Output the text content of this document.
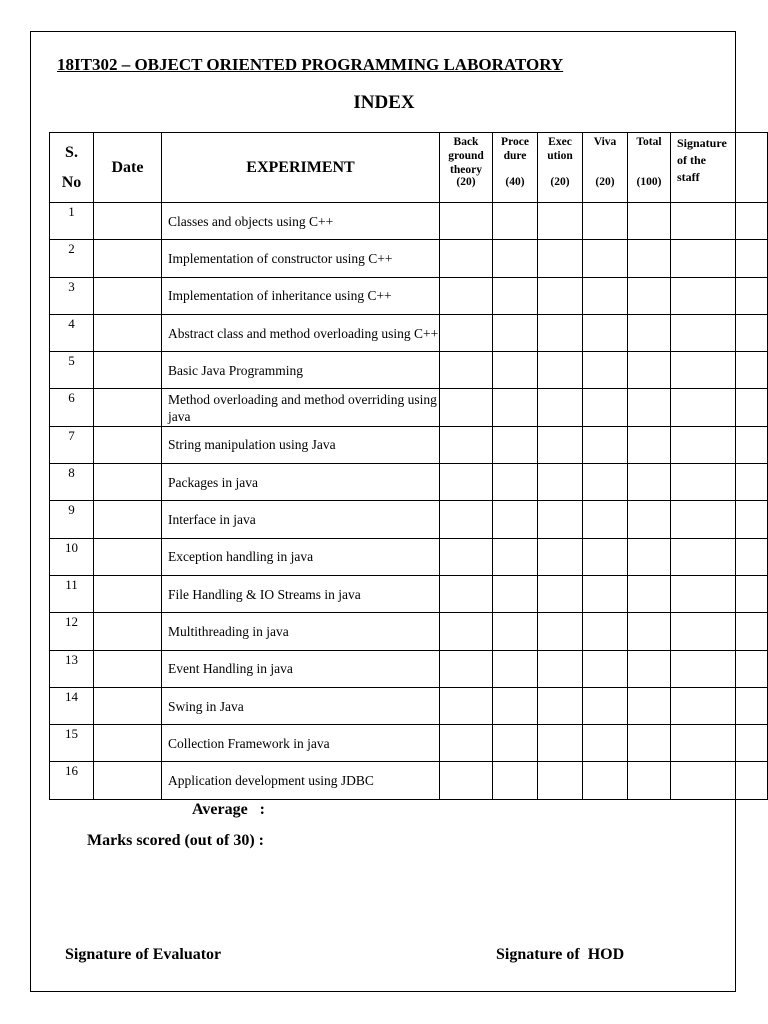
18IT302 – OBJECT ORIENTED PROGRAMMING LABORATORY
INDEX
S.
No	Date	EXPERIMENT	Back
ground
theory
(20)	Proce
dure
(40)	Exec
ution
(20)	Viva
(20)	Total
(100)	Signature
of the
staff
1		Classes and objects using C++						
2		Implementation of constructor using C++						
3		Implementation of inheritance using C++						
4		Abstract class and method overloading using C++						
5		Basic Java Programming						
6		Method overloading and method overriding using java						
7		String manipulation using Java						
8		Packages in java						
9		Interface in java						
10		Exception handling in java						
11		File Handling & IO Streams in java						
12		Multithreading in java						
13		Event Handling in java						
14		Swing in Java						
15		Collection Framework in java						
16		Application development using JDBC						
Average   :
Marks scored (out of 30) :
Signature of Evaluator	Signature of  HOD
